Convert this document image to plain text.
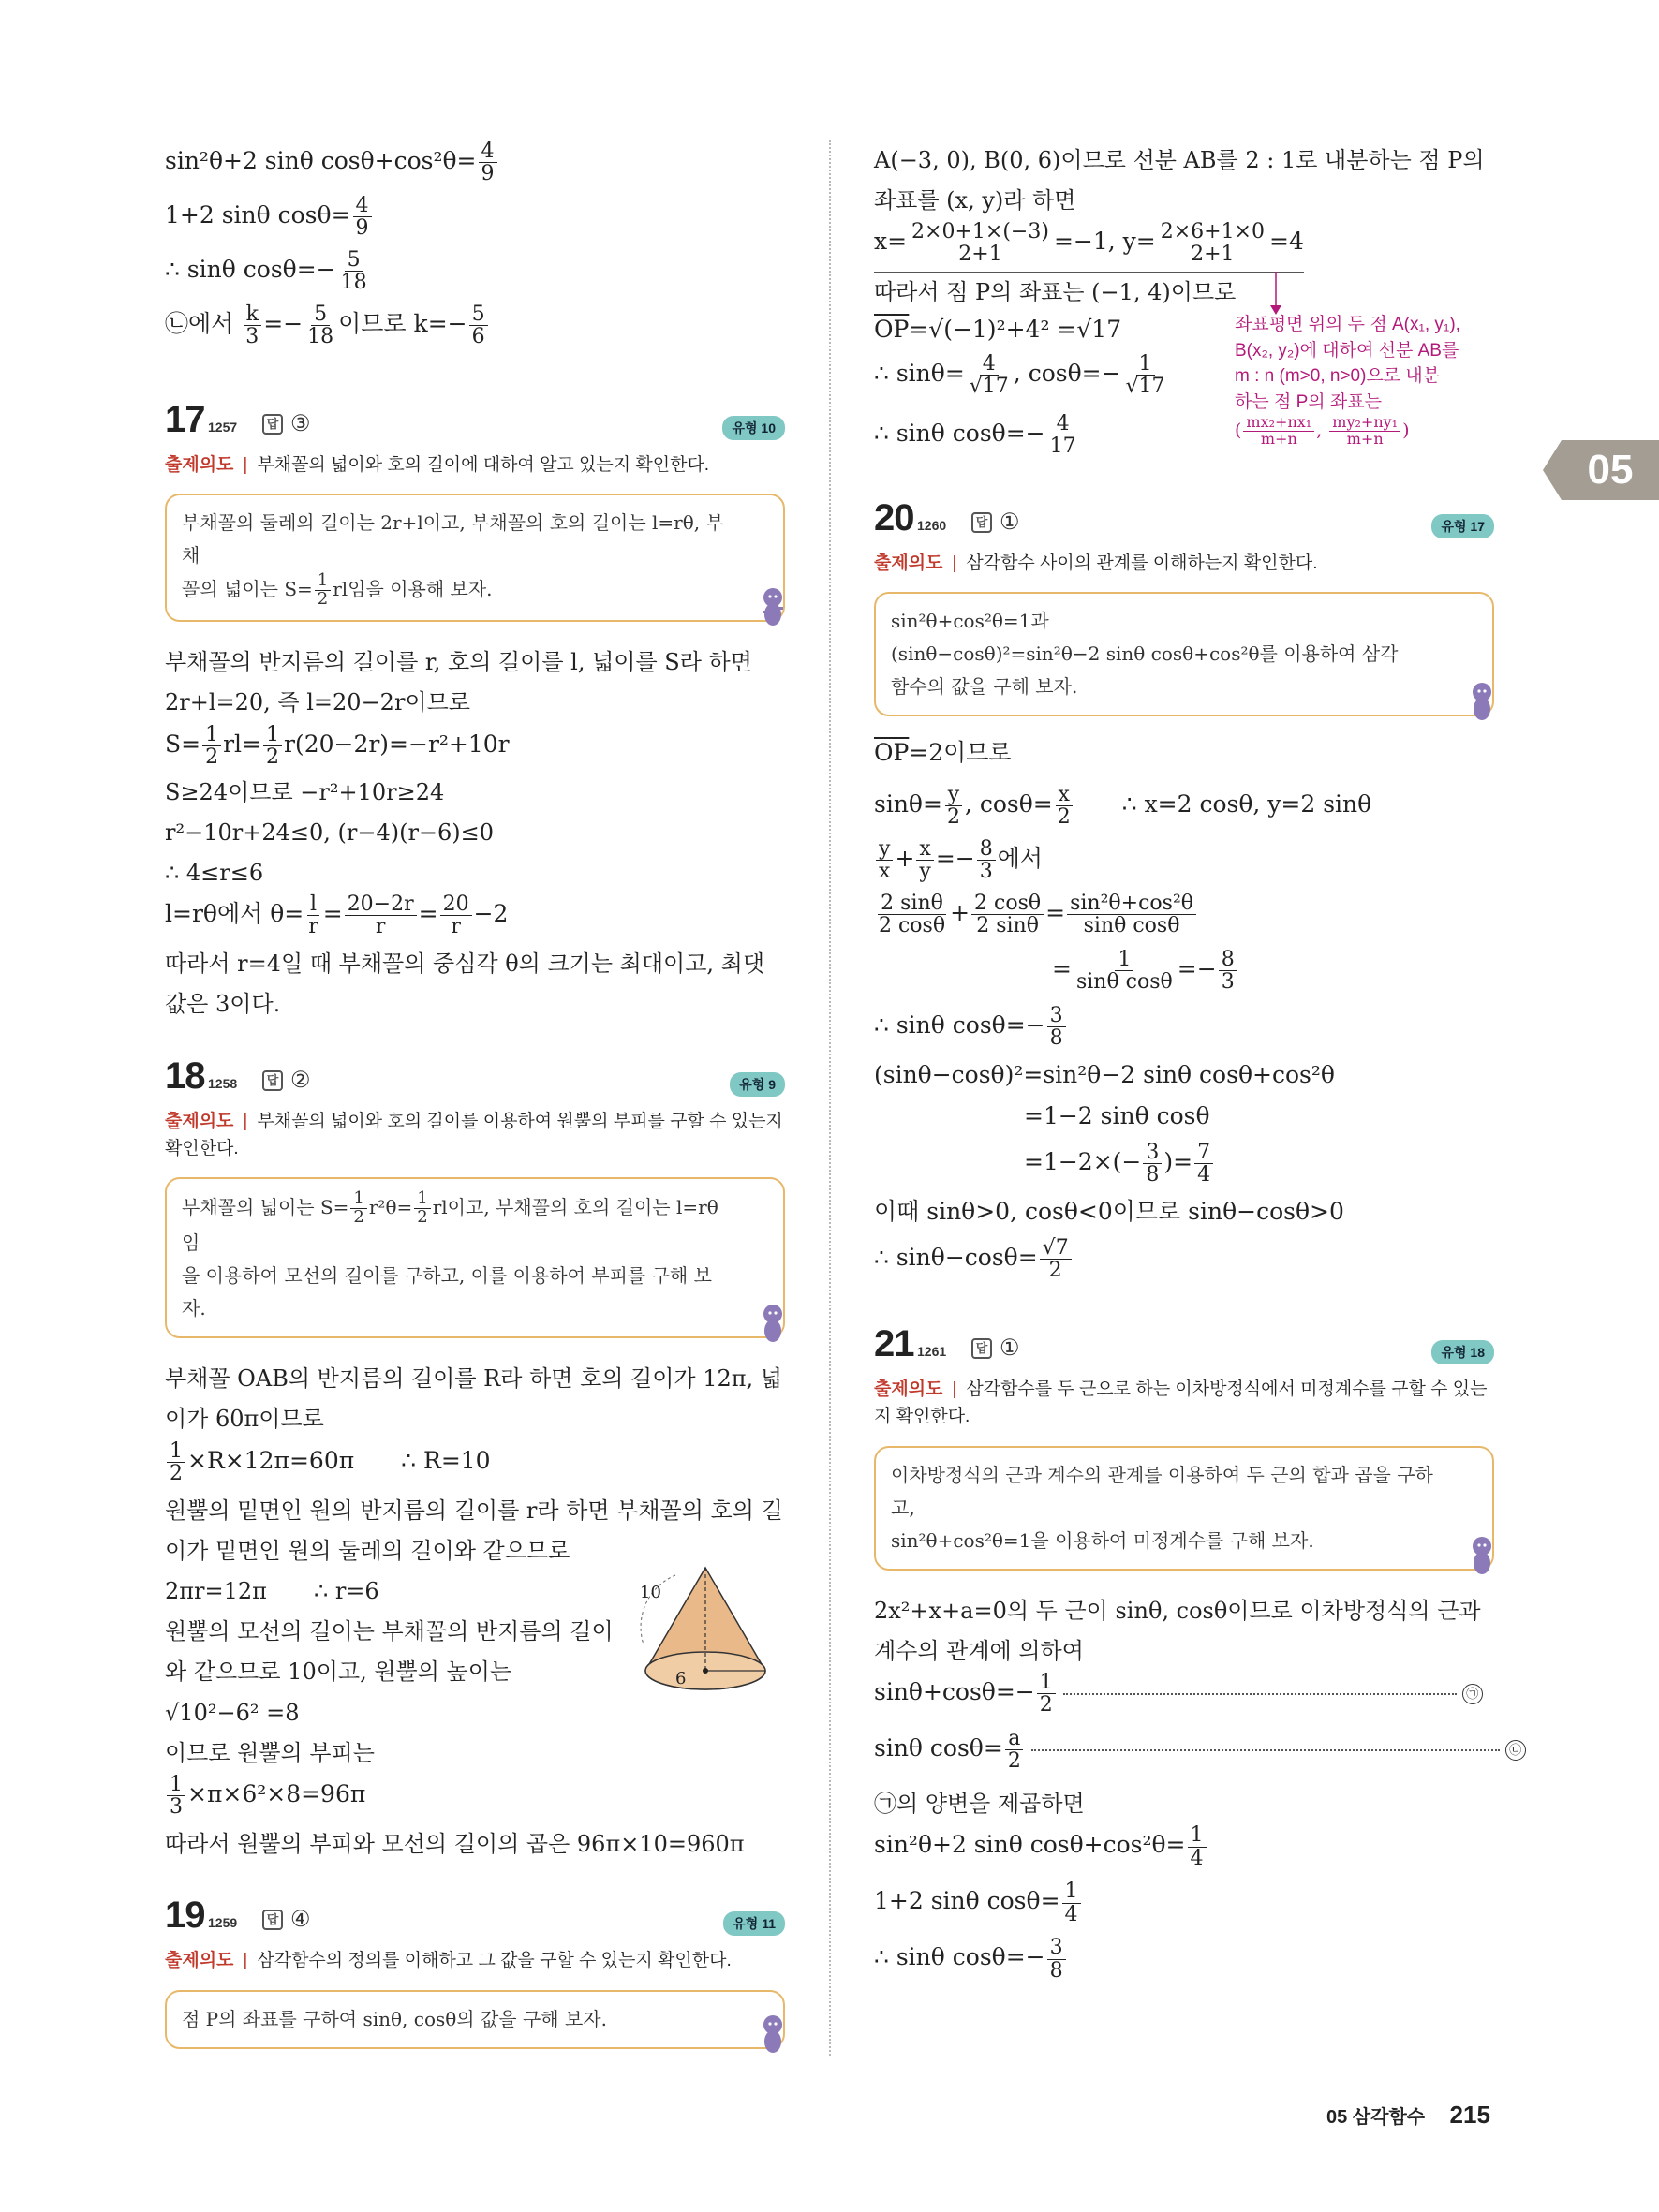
sin²θ+2 sinθ $\cos\theta+\cos^2\theta= \frac{4}{9}$

1+2 sinθ $\cos\theta= \frac{4}{9}$

∴ sinθ $\cos\theta=- \frac{5}{18}$

㉡에서 $\frac{k}{3} =- \frac{5}{18}$ 이므로 $k=- \frac{5}{6}$

17 1257	답 ③	유형 10

출제의도 | 부채꼴의 넓이와 호의 길이에 대하여 알고 있는지 확인한다.

부채꼴의 둘레의 길이는 2r+l이고, 부채꼴의 호의 길이는 l=rθ, 부채
꼴의 넓이는 $S= \frac{1}{2}$ rl임을 이용해 보자.
부채꼴의 반지름의 길이를 r, 호의 길이를 l, 넓이를 S라 하면
2r+l=20, 즉 l=20−2r이므로
$S= \frac{1}{2} rl= \frac{1}{2} r(20-2r)=-r^2+10r$
S≥24이므로 −r²+10r≥24
r²−10r+24≤0, (r−4)(r−6)≤0
∴ 4≤r≤6
l=rθ에서 $\theta= \frac{l}{r} = \frac{20-2r}{r} = \frac{20}{r} -2$
따라서 r=4일 때 부채꼴의 중심각 θ의 크기는 최대이고, 최댓값은 3이다.
18 1258	답 ②	유형 9

출제의도 | 부채꼴의 넓이와 호의 길이를 이용하여 원뿔의 부피를 구할 수 있는지 확인한다.

부채꼴의 넓이는 $S= \frac{1}{2} r^2\theta= \frac{1}{2}$ rl이고, 부채꼴의 호의 길이는 l=rθ임
을 이용하여 모선의 길이를 구하고, 이를 이용하여 부피를 구해 보자.
부채꼴 OAB의 반지름의 길이를 R라 하면 호의 길이가 12π, 넓이가 60π이므로
$\frac{1}{2} \times R\times 12\pi=60\pi$ ∴ R=10
원뿔의 밑면인 원의 반지름의 길이를 r라 하면 부채꼴의 호의 길이가 밑면인 원의 둘레의 길이와 같으므로
2πr=12π ∴ r=6
원뿔의 모선의 길이는 부채꼴의 반지름의 길이
와 같으므로 10이고, 원뿔의 높이는
√10²−6² =8
이므로 원뿔의 부피는
$\frac{1}{3} \times\pi\times 6^2\times 8=96\pi$
따라서 원뿔의 부피와 모선의 길이의 곱은 96π×10=960π
10
6
19 1259	답 ④	유형 11

출제의도 | 삼각함수의 정의를 이해하고 그 값을 구할 수 있는지 확인한다.

점 P의 좌표를 구하여 sinθ, cosθ의 값을 구해 보자.
A(−3, 0), B(0, 6)이므로 선분 AB를 2 : 1로 내분하는 점 P의
좌표를 (x, y)라 하면
$x= \frac{2\times 0+1\times(-3)}{2+1} =-1$, $y= \frac{2\times 6+1\times 0}{2+1} =4$
따라서 점 P의 좌표는 (−1, 4)이므로
$\overline{OP}=√(-1)^2+4^2 =√17$
∴ $\sin\theta= \frac{4}{√17}$ , $\cos\theta=- \frac{1}{√17}$
∴ sinθ $\cos\theta=- \frac{4}{17}$
20 1260	답 ①	유형 17

출제의도 | 삼각함수 사이의 관계를 이해하는지 확인한다.

sin²θ+cos²θ=1과
(sinθ−cosθ)²=sin²θ−2 sinθ cosθ+cos²θ를 이용하여 삼각
함수의 값을 구해 보자.
$\overline{OP}=2$이므로
$\sin\theta= \frac{y}{2}$ , $\cos\theta= \frac{x}{2}$ ∴ x=2 cosθ, y=2 sinθ
$\frac{y}{x} + \frac{x}{y} =- \frac{8}{3}$ 에서
$\frac{2 \sin\theta}{2 \cos\theta} + \frac{2 \cos\theta}{2 \sin\theta} = \frac{\text{sin²θ+cos²θ}}{\text{sinθ cosθ}}$
= $\frac{1}{\text{sinθ cosθ}} =- \frac{8}{3}$
∴ sinθ $\cos\theta=- \frac{3}{8}$
(sinθ−cosθ)²=sin²θ−2 sinθ cosθ+cos²θ
=1−2 sinθ cosθ
$=1-2\times(- \frac{3}{8}$ )= $\frac{7}{4}$
이때 sinθ>0, cosθ<0이므로 sinθ−cosθ>0
∴ $\sin\theta-\cos\theta= \frac{√7}{2}$
21 1261	답 ①	유형 18

출제의도 | 삼각함수를 두 근으로 하는 이차방정식에서 미정계수를 구할 수 있는지 확인한다.

이차방정식의 근과 계수의 관계를 이용하여 두 근의 합과 곱을 구하고,
sin²θ+cos²θ=1을 이용하여 미정계수를 구해 보자.
2x²+x+a=0의 두 근이 sinθ, cosθ이므로 이차방정식의 근과 계수의 관계에 의하여
$\sin\theta+\cos\theta=- \frac{1}{2}$	㉠
sinθ $\cos\theta= \frac{a}{2}$	㉡
㉠의 양변을 제곱하면
sin²θ+2 sinθ $\cos\theta+\cos^2\theta= \frac{1}{4}$
1+2 sinθ $\cos\theta= \frac{1}{4}$
∴ sinθ $\cos\theta=- \frac{3}{8}$
좌표평면 위의 두 점 A(x₁, y₁),
B(x₂, y₂)에 대하여 선분 AB를
m : n (m>0, n>0)으로 내분
하는 점 P의 좌표는
( $\frac{\text{mx₂+nx₁}}{m+n}$ , $\frac{\text{my₂+ny₁}}{m+n}$ )
05
05 삼각함수 215
